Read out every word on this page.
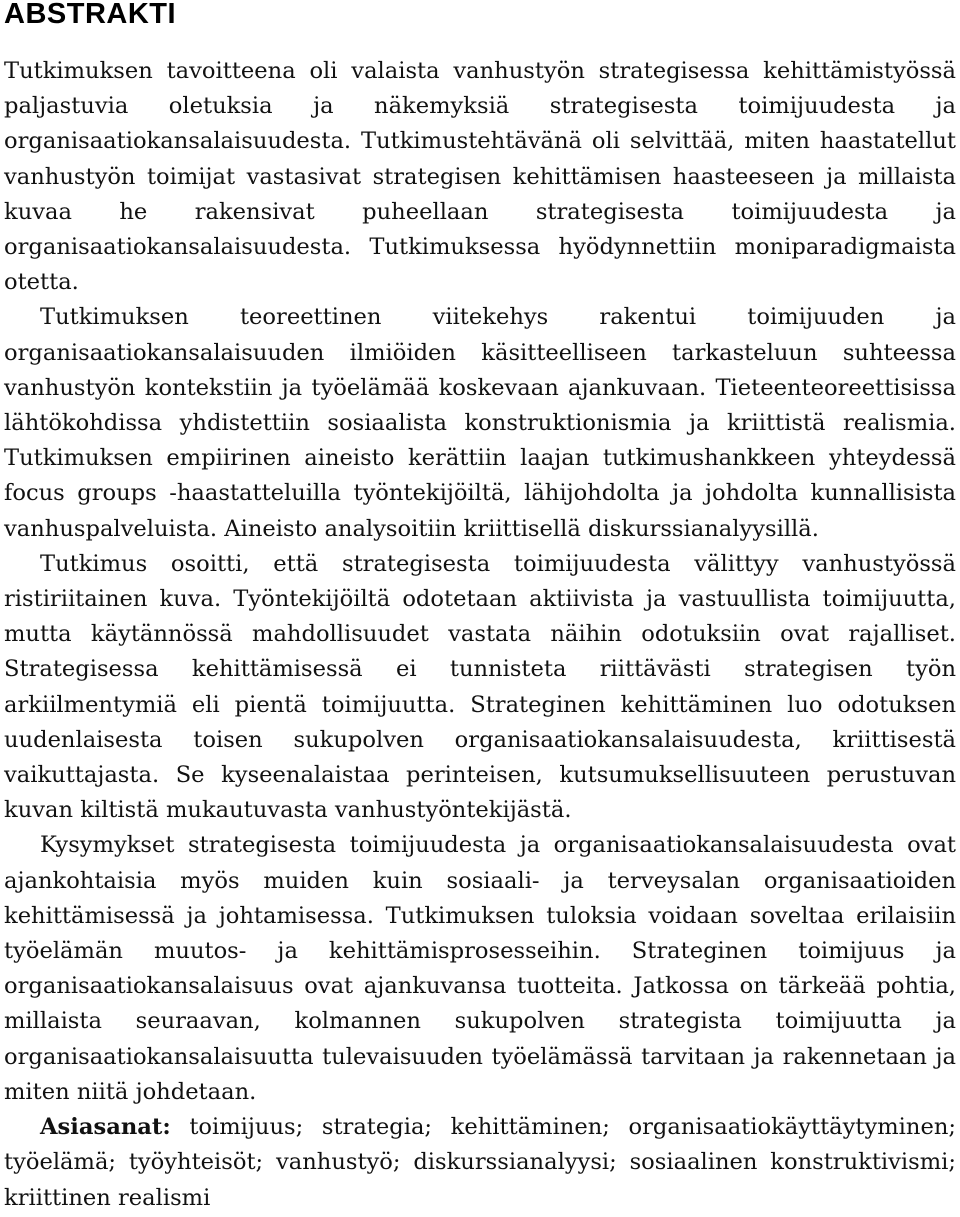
ABSTRAKTI

Tutkimuksen tavoitteena oli valaista vanhustyön strategisessa kehittämistyössä paljastuvia oletuksia ja näkemyksiä strategisesta toimijuudesta ja organisaatiokansalaisuudesta. Tutkimustehtävänä oli selvittää, miten haastatellut vanhustyön toimijat vastasivat strategisen kehittämisen haasteeseen ja millaista kuvaa he rakensivat puheellaan strategisesta toimijuudesta ja organisaatiokansalaisuudesta. Tutkimuksessa hyödynnettiin moniparadigmaista otetta.

Tutkimuksen teoreettinen viitekehys rakentui toimijuuden ja organisaatiokansalaisuuden ilmiöiden käsitteelliseen tarkasteluun suhteessa vanhustyön kontekstiin ja työelämää koskevaan ajankuvaan. Tieteenteoreettisissa lähtökohdissa yhdistettiin sosiaalista konstruktionismia ja kriittistä realismia. Tutkimuksen empiirinen aineisto kerättiin laajan tutkimushankkeen yhteydessä focus groups -haastatteluilla työntekijöiltä, lähijohdolta ja johdolta kunnallisista vanhuspalveluista. Aineisto analysoitiin kriittisellä diskurssianalyysillä.

Tutkimus osoitti, että strategisesta toimijuudesta välittyy vanhustyössä ristiriitainen kuva. Työntekijöiltä odotetaan aktiivista ja vastuullista toimijuutta, mutta käytännössä mahdollisuudet vastata näihin odotuksiin ovat rajalliset. Strategisessa kehittämisessä ei tunnisteta riittävästi strategisen työn arkiilmentymiä eli pientä toimijuutta. Strateginen kehittäminen luo odotuksen uudenlaisesta toisen sukupolven organisaatiokansalaisuudesta, kriittisestä vaikuttajasta. Se kyseenalaistaa perinteisen, kutsumuksellisuuteen perustuvan kuvan kiltistä mukautuvasta vanhustyöntekijästä.

Kysymykset strategisesta toimijuudesta ja organisaatiokansalaisuudesta ovat ajankohtaisia myös muiden kuin sosiaali- ja terveysalan organisaatioiden kehittämisessä ja johtamisessa. Tutkimuksen tuloksia voidaan soveltaa erilaisiin työelämän muutos- ja kehittämisprosesseihin. Strateginen toimijuus ja organisaatiokansalaisuus ovat ajankuvansa tuotteita. Jatkossa on tärkeää pohtia, millaista seuraavan, kolmannen sukupolven strategista toimijuutta ja organisaatiokansalaisuutta tulevaisuuden työelämässä tarvitaan ja rakennetaan ja miten niitä johdetaan.

Asiasanat: toimijuus; strategia; kehittäminen; organisaatiokäyttäytyminen; työelämä; työyhteisöt; vanhustyö; diskurssianalyysi; sosiaalinen konstruktivismi; kriittinen realismi
